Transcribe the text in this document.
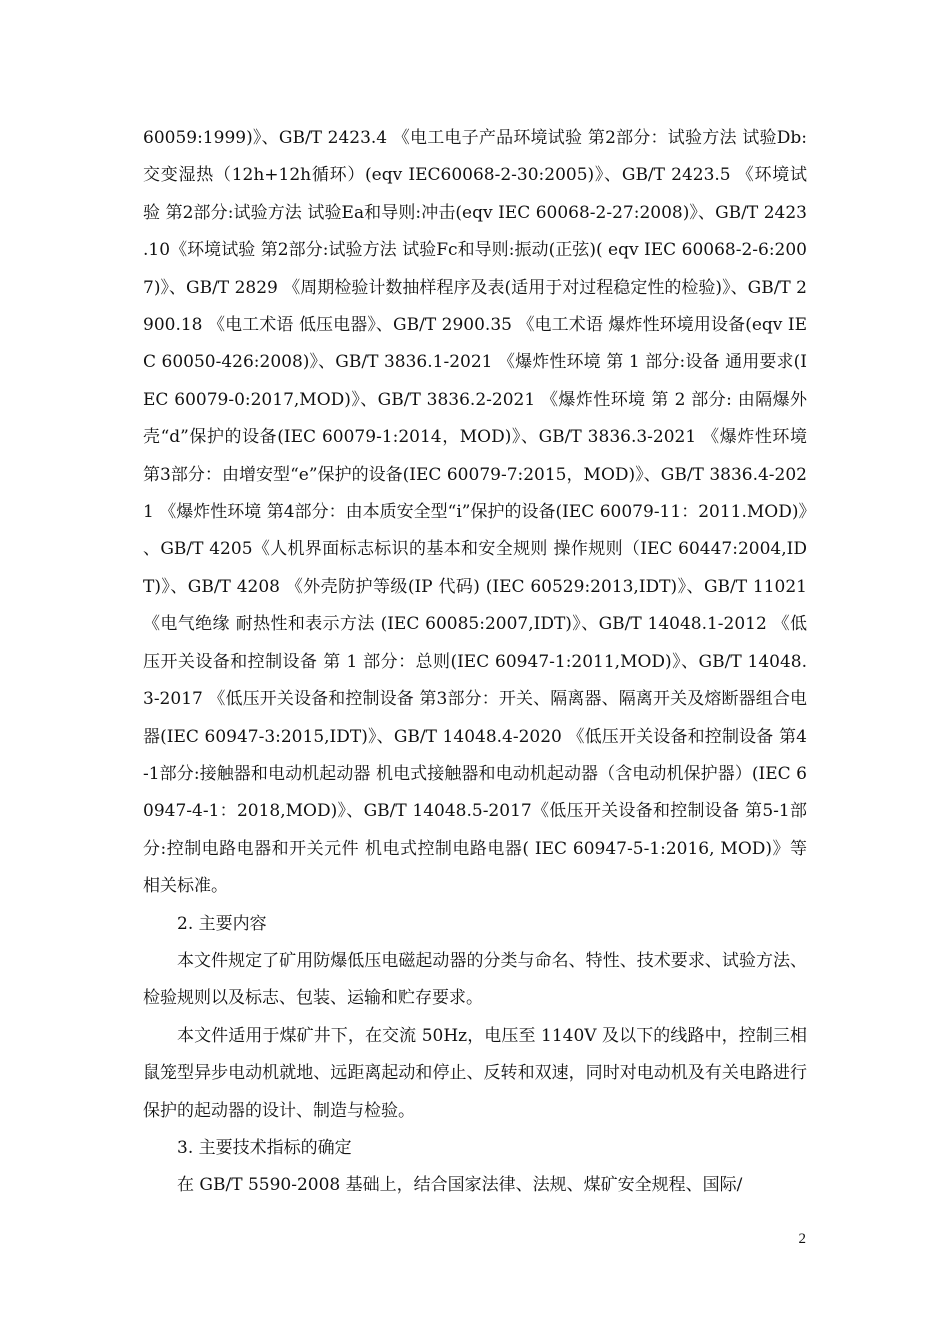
60059:1999)》、GB/T 2423.4 《电工电子产品环境试验 第2部分：试验方法 试验Db:交变湿热（12h+12h循环）(eqv IEC60068-2-30:2005)》、GB/T 2423.5 《环境试验 第2部分:试验方法 试验Ea和导则:冲击(eqv IEC 60068-2-27:2008)》、GB/T 2423.10《环境试验 第2部分:试验方法 试验Fc和导则:振动(正弦)( eqv IEC 60068-2-6:2007)》、GB/T 2829 《周期检验计数抽样程序及表(适用于对过程稳定性的检验)》、GB/T 2900.18 《电工术语 低压电器》、GB/T 2900.35 《电工术语 爆炸性环境用设备(eqv IEC 60050-426:2008)》、GB/T 3836.1-2021 《爆炸性环境 第 1 部分:设备 通用要求(IEC 60079-0:2017,MOD)》、GB/T 3836.2-2021 《爆炸性环境 第 2 部分: 由隔爆外壳“d”保护的设备(IEC 60079-1:2014，MOD)》、GB/T 3836.3-2021 《爆炸性环境 第3部分：由增安型“e”保护的设备(IEC 60079-7:2015，MOD)》、GB/T 3836.4-2021 《爆炸性环境 第4部分：由本质安全型“i”保护的设备(IEC 60079-11：2011.MOD)》、GB/T 4205《人机界面标志标识的基本和安全规则 操作规则（IEC 60447:2004,IDT)》、GB/T 4208 《外壳防护等级(IP 代码) (IEC 60529:2013,IDT)》、GB/T 11021 《电气绝缘 耐热性和表示方法 (IEC 60085:2007,IDT)》、GB/T 14048.1-2012 《低压开关设备和控制设备 第 1 部分：总则(IEC 60947-1:2011,MOD)》、GB/T 14048.3-2017 《低压开关设备和控制设备 第3部分：开关、隔离器、隔离开关及熔断器组合电器(IEC 60947-3:2015,IDT)》、GB/T 14048.4-2020 《低压开关设备和控制设备 第4-1部分:接触器和电动机起动器 机电式接触器和电动机起动器（含电动机保护器）(IEC 60947-4-1：2018,MOD)》、GB/T 14048.5-2017《低压开关设备和控制设备 第5-1部分:控制电路电器和开关元件 机电式控制电路电器( IEC 60947-5-1:2016, MOD)》等相关标准。

2. 主要内容

本文件规定了矿用防爆低压电磁起动器的分类与命名、特性、技术要求、试验方法、检验规则以及标志、包装、运输和贮存要求。

本文件适用于煤矿井下，在交流 50Hz，电压至 1140V 及以下的线路中，控制三相鼠笼型异步电动机就地、远距离起动和停止、反转和双速，同时对电动机及有关电路进行保护的起动器的设计、制造与检验。

3. 主要技术指标的确定

在 GB/T 5590-2008 基础上，结合国家法律、法规、煤矿安全规程、国际/

2
